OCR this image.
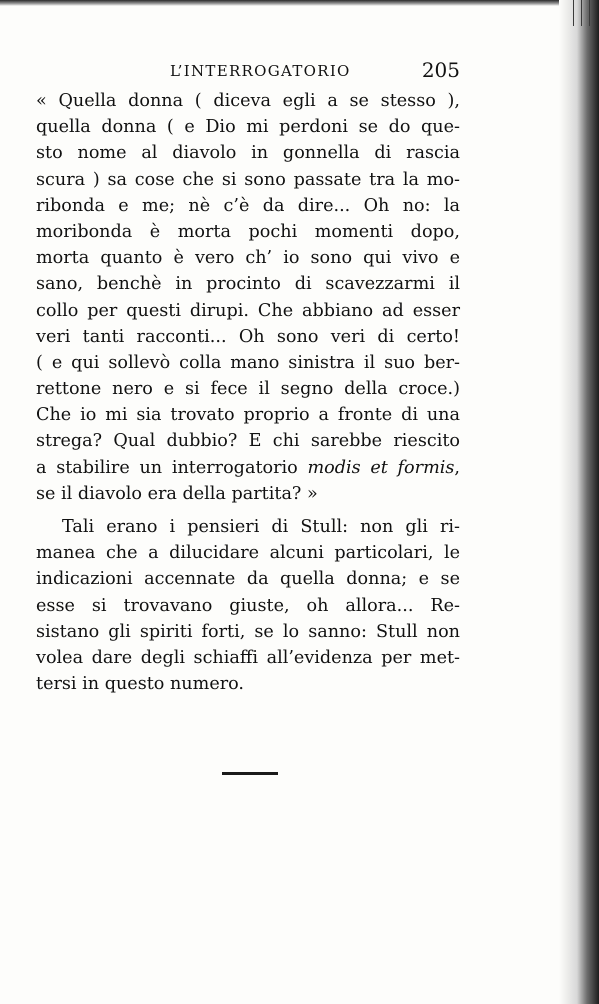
L’INTERROGATORIO	205
« Quella donna ( diceva egli a se stesso ),
quella donna ( e Dio mi perdoni se do que-
sto nome al diavolo in gonnella di rascia
scura ) sa cose che si sono passate tra la mo-
ribonda e me; nè c’è da dire... Oh no: la
moribonda è morta pochi momenti dopo,
morta quanto è vero ch’ io sono qui vivo e
sano, benchè in procinto di scavezzarmi il
collo per questi dirupi. Che abbiano ad esser
veri tanti racconti... Oh sono veri di certo!
( e qui sollevò colla mano sinistra il suo ber-
rettone nero e si fece il segno della croce.)
Che io mi sia trovato proprio a fronte di una
strega? Qual dubbio? E chi sarebbe riescito
a stabilire un interrogatorio modis et formis,
se il diavolo era della partita? »
Tali erano i pensieri di Stull: non gli ri-
manea che a dilucidare alcuni particolari, le
indicazioni accennate da quella donna; e se
esse si trovavano giuste, oh allora... Re-
sistano gli spiriti forti, se lo sanno: Stull non
volea dare degli schiaffi all’evidenza per met-
tersi in questo numero.
